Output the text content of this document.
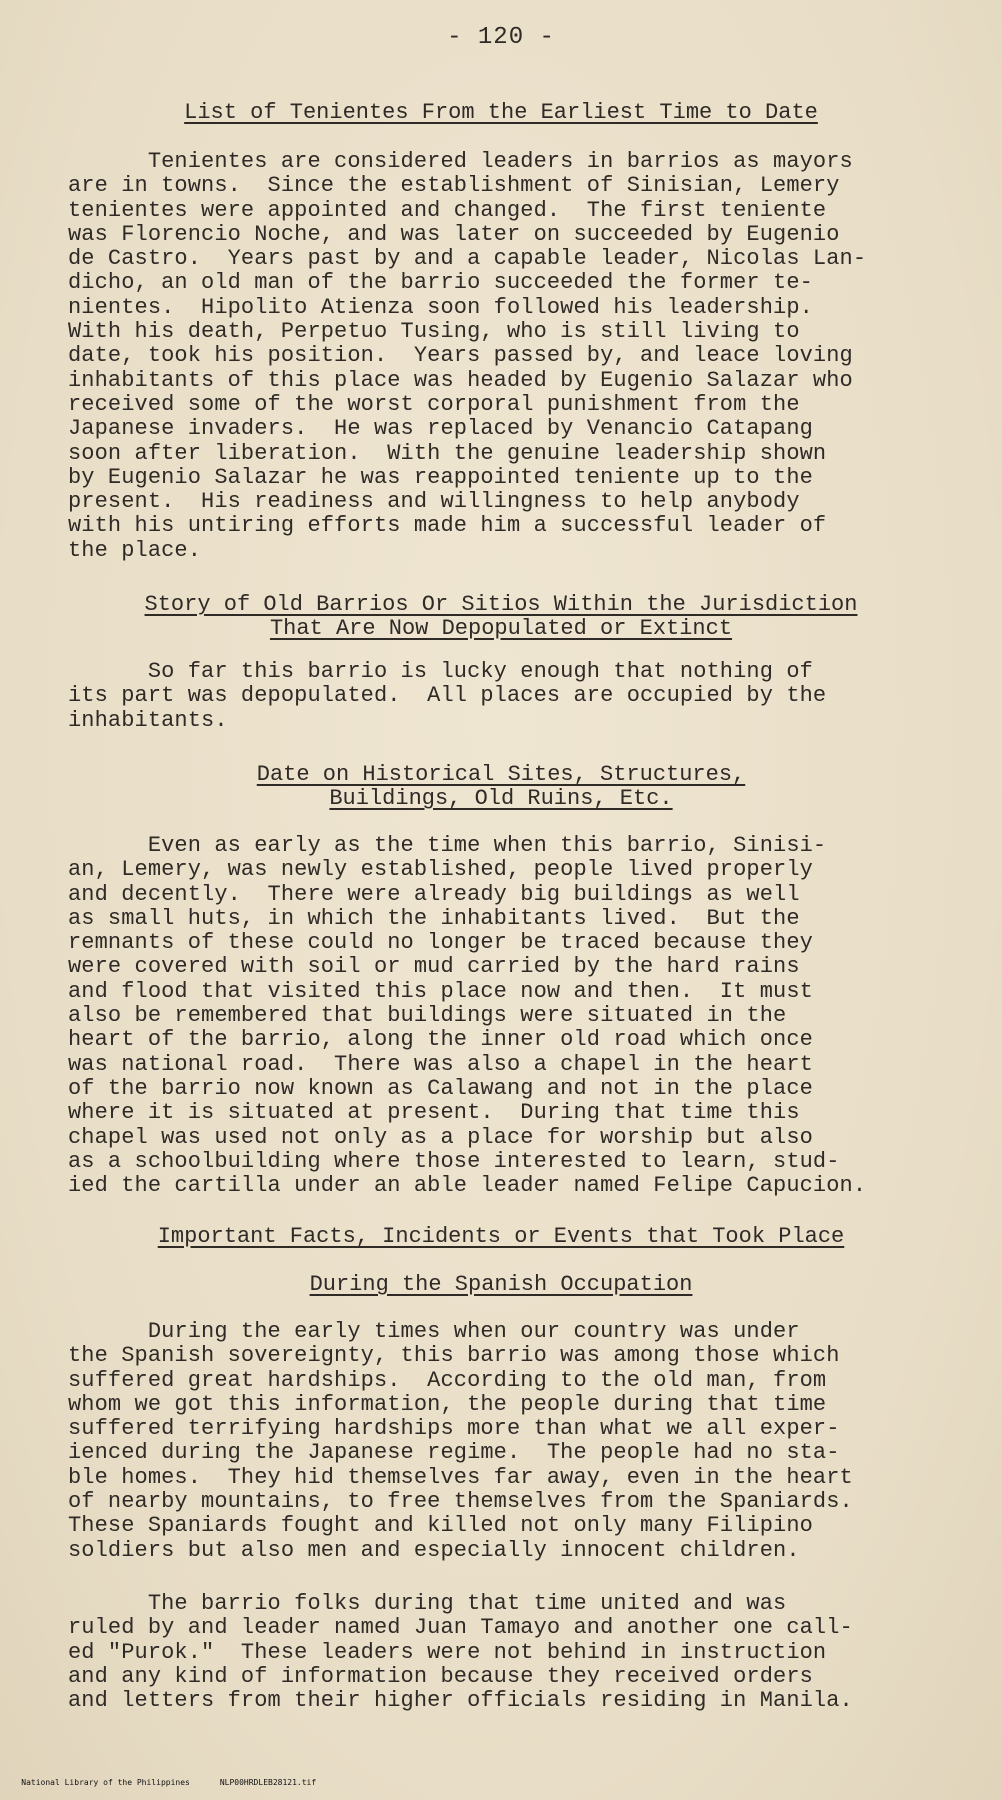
- 120 -
List of Tenientes From the Earliest Time to Date
Tenientes are considered leaders in barrios as mayors
are in towns.  Since the establishment of Sinisian, Lemery
tenientes were appointed and changed.  The first teniente
was Florencio Noche, and was later on succeeded by Eugenio
de Castro.  Years past by and a capable leader, Nicolas Lan-
dicho, an old man of the barrio succeeded the former te-
nientes.  Hipolito Atienza soon followed his leadership.
With his death, Perpetuo Tusing, who is still living to
date, took his position.  Years passed by, and leace loving
inhabitants of this place was headed by Eugenio Salazar who
received some of the worst corporal punishment from the
Japanese invaders.  He was replaced by Venancio Catapang
soon after liberation.  With the genuine leadership shown
by Eugenio Salazar he was reappointed teniente up to the
present.  His readiness and willingness to help anybody
with his untiring efforts made him a successful leader of
the place.
Story of Old Barrios Or Sitios Within the Jurisdiction
That Are Now Depopulated or Extinct
So far this barrio is lucky enough that nothing of
its part was depopulated.  All places are occupied by the
inhabitants.
Date on Historical Sites, Structures,
Buildings, Old Ruins, Etc.
Even as early as the time when this barrio, Sinisi-
an, Lemery, was newly established, people lived properly
and decently.  There were already big buildings as well
as small huts, in which the inhabitants lived.  But the
remnants of these could no longer be traced because they
were covered with soil or mud carried by the hard rains
and flood that visited this place now and then.  It must
also be remembered that buildings were situated in the
heart of the barrio, along the inner old road which once
was national road.  There was also a chapel in the heart
of the barrio now known as Calawang and not in the place
where it is situated at present.  During that time this
chapel was used not only as a place for worship but also
as a schoolbuilding where those interested to learn, stud-
ied the cartilla under an able leader named Felipe Capucion.
Important Facts, Incidents or Events that Took Place
During the Spanish Occupation
During the early times when our country was under
the Spanish sovereignty, this barrio was among those which
suffered great hardships.  According to the old man, from
whom we got this information, the people during that time
suffered terrifying hardships more than what we all exper-
ienced during the Japanese regime.  The people had no sta-
ble homes.  They hid themselves far away, even in the heart
of nearby mountains, to free themselves from the Spaniards.
These Spaniards fought and killed not only many Filipino
soldiers but also men and especially innocent children.
The barrio folks during that time united and was
ruled by and leader named Juan Tamayo and another one call-
ed "Purok."  These leaders were not behind in instruction
and any kind of information because they received orders
and letters from their higher officials residing in Manila.

National Library of the Philippines	NLP00HRDLEB28121.tif
